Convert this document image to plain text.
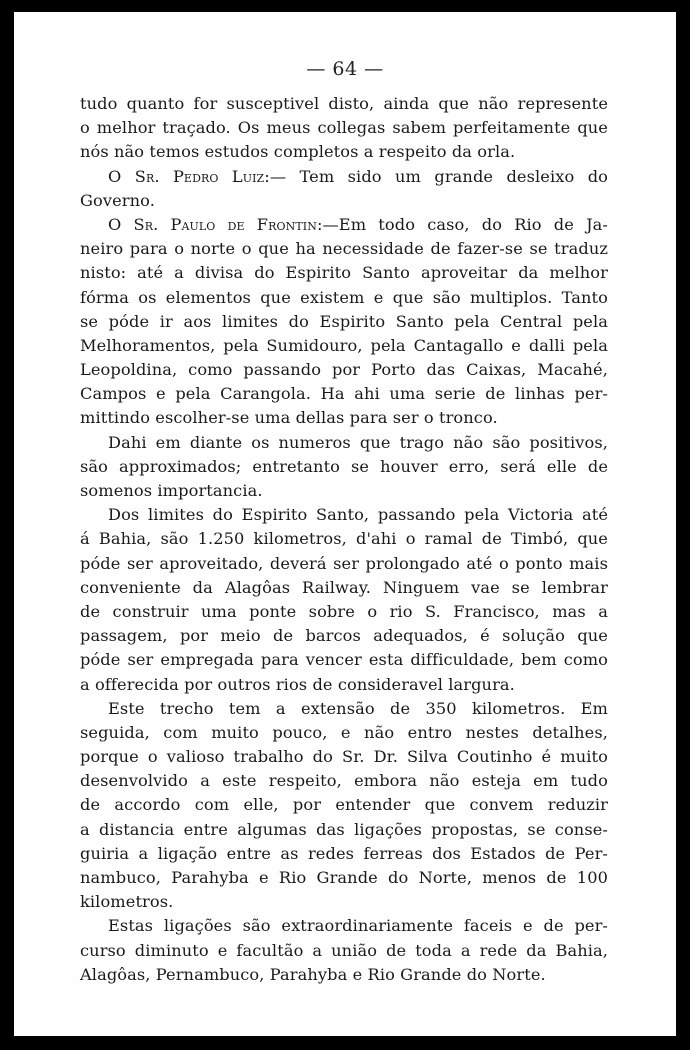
— 64 —
tudo quanto for susceptivel disto, ainda que não represente
o melhor traçado. Os meus collegas sabem perfeitamente que
nós não temos estudos completos a respeito da orla.
O Sr. Pedro Luiz:— Tem sido um grande desleixo do
Governo.
O Sr. Paulo de Frontin:—Em todo caso, do Rio de Ja-
neiro para o norte o que ha necessidade de fazer-se se traduz
nisto: até a divisa do Espirito Santo aproveitar da melhor
fórma os elementos que existem e que são multiplos. Tanto
se póde ir aos limites do Espirito Santo pela Central pela
Melhoramentos, pela Sumidouro, pela Cantagallo e dalli pela
Leopoldina, como passando por Porto das Caixas, Macahé,
Campos e pela Carangola. Ha ahi uma serie de linhas per-
mittindo escolher-se uma dellas para ser o tronco.
Dahi em diante os numeros que trago não são positivos,
são approximados; entretanto se houver erro, será elle de
somenos importancia.
Dos limites do Espirito Santo, passando pela Victoria até
á Bahia, são 1.250 kilometros, d'ahi o ramal de Timbó, que
póde ser aproveitado, deverá ser prolongado até o ponto mais
conveniente da Alagôas Railway. Ninguem vae se lembrar
de construir uma ponte sobre o rio S. Francisco, mas a
passagem, por meio de barcos adequados, é solução que
póde ser empregada para vencer esta difficuldade, bem como
a offerecida por outros rios de consideravel largura.
Este trecho tem a extensão de 350 kilometros. Em
seguida, com muito pouco, e não entro nestes detalhes,
porque o valioso trabalho do Sr. Dr. Silva Coutinho é muito
desenvolvido a este respeito, embora não esteja em tudo
de accordo com elle, por entender que convem reduzir
a distancia entre algumas das ligações propostas, se conse-
guiria a ligação entre as redes ferreas dos Estados de Per-
nambuco, Parahyba e Rio Grande do Norte, menos de 100
kilometros.
Estas ligações são extraordinariamente faceis e de per-
curso diminuto e facultão a união de toda a rede da Bahia,
Alagôas, Pernambuco, Parahyba e Rio Grande do Norte.
